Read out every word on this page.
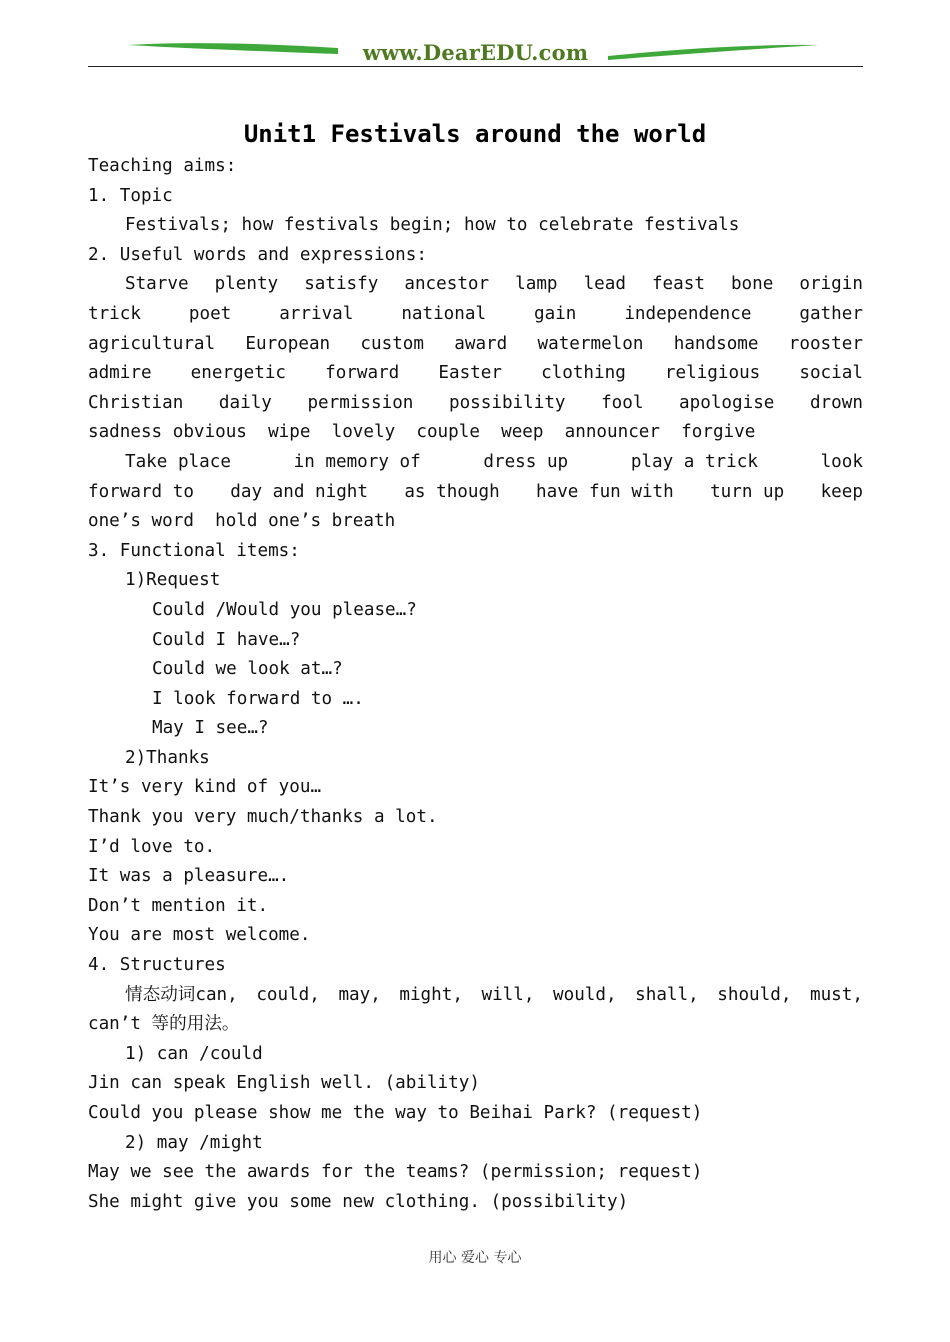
www.DearEDU.com
Unit1 Festivals around the world
Teaching aims:
1. Topic
Festivals; how festivals begin; how to celebrate festivals
2. Useful words and expressions:
Starve plenty satisfy ancestor lamp lead feast bone origin
trick	poet	arrival	national	gain	independence	gather
agricultural European custom award watermelon handsome rooster
admire energetic forward Easter clothing religious social
Christian daily permission possibility fool apologise drown
sadness obvious  wipe  lovely  couple  weep  announcer  forgive
Take place	in memory of	dress up	play a trick	look
forward to day and night as though have fun with turn up keep
one’s word  hold one’s breath
3. Functional items:
1)Request
Could /Would you please…?
Could I have…?
Could we look at…?
I look forward to ….
May I see…?
2)Thanks
It’s very kind of you…
Thank you very much/thanks a lot.
I’d love to.
It was a pleasure….
Don’t mention it.
You are most welcome.
4. Structures
情态动词can, could, may, might, will, would, shall, should, must,
can’t 等的用法。
1) can /could
Jin can speak English well. (ability)
Could you please show me the way to Beihai Park? (request)
2) may /might
May we see the awards for the teams? (permission; request)
She might give you some new clothing. (possibility)
用心 爱心 专心
